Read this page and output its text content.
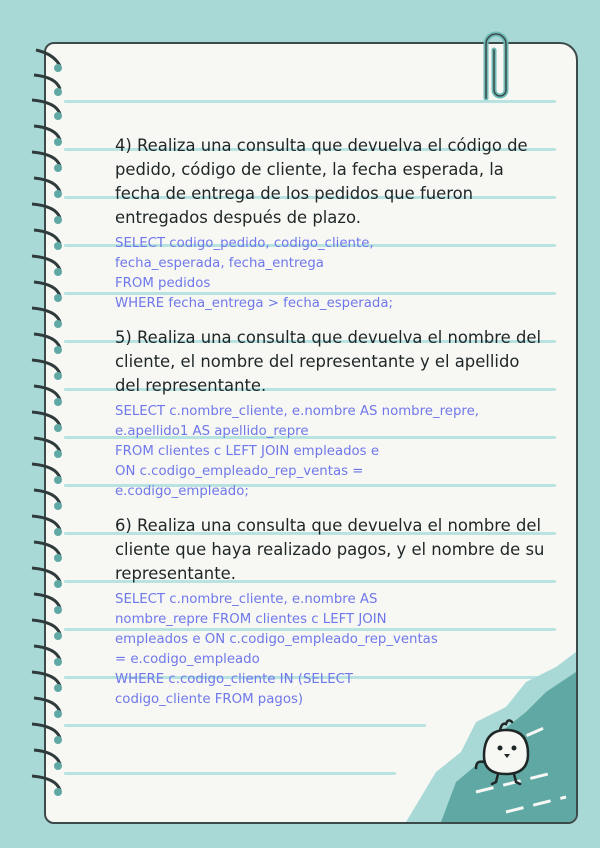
4) Realiza una consulta que devuelva el código de pedido, código de cliente, la fecha esperada, la fecha de entrega de los pedidos que fueron entregados después de plazo.

SELECT codigo_pedido, codigo_cliente,
fecha_esperada, fecha_entrega
FROM pedidos
WHERE fecha_entrega > fecha_esperada;

5) Realiza una consulta que devuelva el nombre del cliente, el nombre del representante y el apellido del representante.

SELECT c.nombre_cliente, e.nombre AS nombre_repre,
e.apellido1 AS apellido_repre
FROM clientes c LEFT JOIN empleados e
ON c.codigo_empleado_rep_ventas =
e.codigo_empleado;

6) Realiza una consulta que devuelva el nombre del cliente que haya realizado pagos, y el nombre de su representante.

SELECT c.nombre_cliente, e.nombre AS
nombre_repre FROM clientes c LEFT JOIN
empleados e ON c.codigo_empleado_rep_ventas
= e.codigo_empleado
WHERE c.codigo_cliente IN (SELECT
codigo_cliente FROM pagos)
